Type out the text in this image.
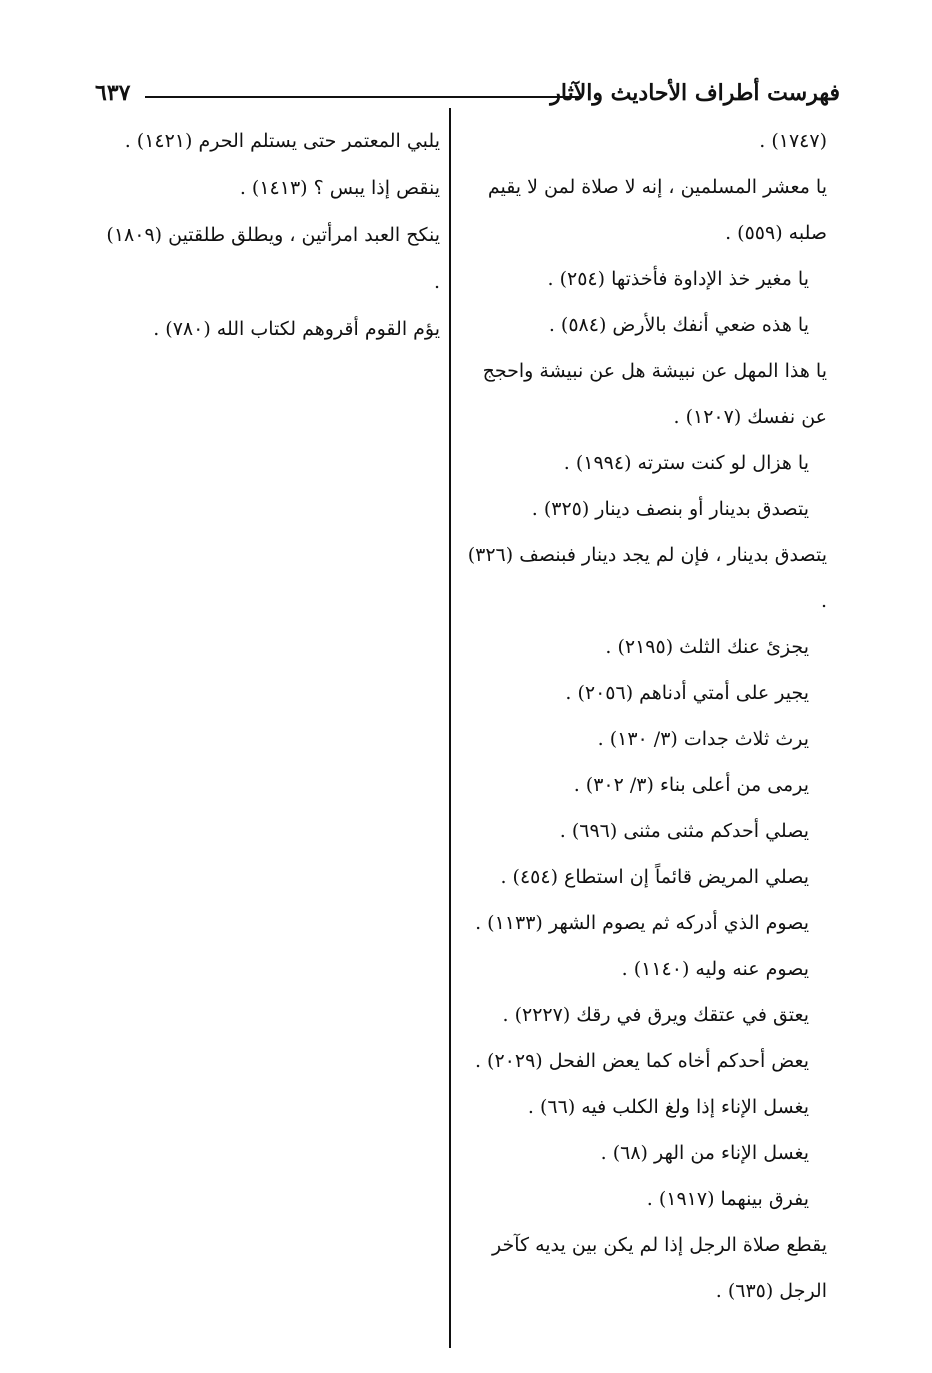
فهرست أطراف الأحاديث والآثار
٦٣٧

(١٧٤٧) .

يا معشر المسلمين ، إنه لا صلاة لمن لا يقيم صلبه (٥٥٩) .

يا مغير خذ الإداوة فأخذتها (٢٥٤) .

يا هذه ضعي أنفك بالأرض (٥٨٤) .

يا هذا المهل عن نبيشة هل عن نبيشة واحجج عن نفسك (١٢٠٧) .

يا هزال لو كنت سترته (١٩٩٤) .

يتصدق بدينار أو بنصف دينار (٣٢٥) .

يتصدق بدينار ، فإن لم يجد دينار فبنصف (٣٢٦) .

يجزئ عنك الثلث (٢١٩٥) .

يجير على أمتي أدناهم (٢٠٥٦) .

يرث ثلاث جدات (٣/ ١٣٠) .

يرمى من أعلى بناء (٣/ ٣٠٢) .

يصلي أحدكم مثنى مثنى (٦٩٦) .

يصلي المريض قائماً إن استطاع (٤٥٤) .

يصوم الذي أدركه ثم يصوم الشهر (١١٣٣) .

يصوم عنه وليه (١١٤٠) .

يعتق في عتقك ويرق في رقك (٢٢٢٧) .

يعض أحدكم أخاه كما يعض الفحل (٢٠٢٩) .

يغسل الإناء إذا ولغ الكلب فيه (٦٦) .

يغسل الإناء من الهر (٦٨) .

يفرق بينهما (١٩١٧) .

يقطع صلاة الرجل إذا لم يكن بين يديه كآخر الرجل (٦٣٥) .

يلبي المعتمر حتى يستلم الحرم (١٤٢١) .

ينقص إذا يبس ؟ (١٤١٣) .

ينكح العبد امرأتين ، ويطلق طلقتين (١٨٠٩) .

يؤم القوم أقروهم لكتاب الله (٧٨٠) .
